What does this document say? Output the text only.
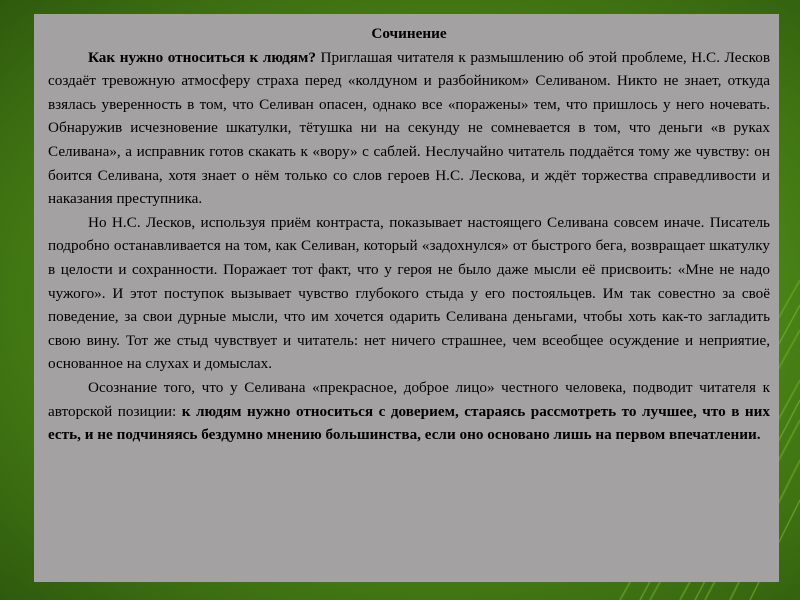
Сочинение

Как нужно относиться к людям? Приглашая читателя к размышлению об этой проблеме, Н.С. Лесков создаёт тревожную атмосферу страха перед «колдуном и разбойником» Селиваном. Никто не знает, откуда взялась уверенность в том, что Селиван опасен, однако все «поражены» тем, что пришлось у него ночевать. Обнаружив исчезновение шкатулки, тётушка ни на секунду не сомневается в том, что деньги «в руках Селивана», а исправник готов скакать к «вору» с саблей. Неслучайно читатель поддаётся тому же чувству: он боится Селивана, хотя знает о нём только со слов героев Н.С. Лескова, и ждёт торжества справедливости и наказания преступника.

Но Н.С. Лесков, используя приём контраста, показывает настоящего Селивана совсем иначе. Писатель подробно останавливается на том, как Селиван, который «задохнулся» от быстрого бега, возвращает шкатулку в целости и сохранности. Поражает тот факт, что у героя не было даже мысли её присвоить: «Мне не надо чужого». И этот поступок вызывает чувство глубокого стыда у его постояльцев. Им так совестно за своё поведение, за свои дурные мысли, что им хочется одарить Селивана деньгами, чтобы хоть как-то загладить свою вину. Тот же стыд чувствует и читатель: нет ничего страшнее, чем всеобщее осуждение и неприятие, основанное на слухах и домыслах.

Осознание того, что у Селивана «прекрасное, доброе лицо» честного человека, подводит читателя к авторской позиции: к людям нужно относиться с доверием, стараясь рассмотреть то лучшее, что в них есть, и не подчиняясь бездумно мнению большинства, если оно основано лишь на первом впечатлении.
